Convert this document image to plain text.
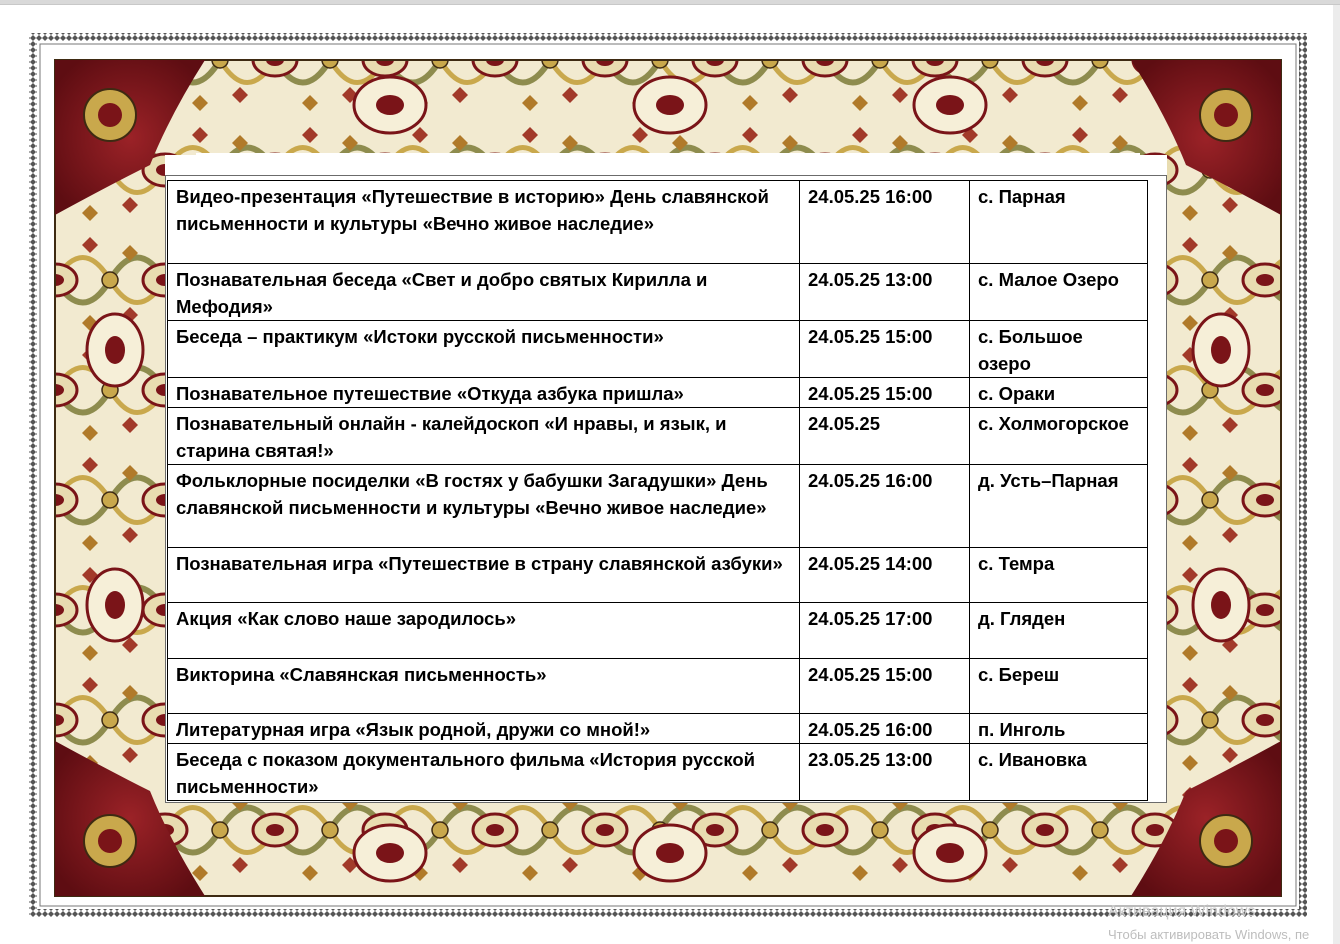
Видео-презентация «Путешествие в историю» День славянской письменности и культуры «Вечно живое наследие»	24.05.25 16:00	с. Парная
Познавательная беседа «Свет и добро святых Кирилла и Мефодия»	24.05.25 13:00	с. Малое Озеро
Беседа – практикум «Истоки русской письменности»	24.05.25 15:00	с. Большое озеро
Познавательное путешествие «Откуда азбука пришла»	24.05.25 15:00	с. Ораки
Познавательный онлайн - калейдоскоп «И нравы, и язык, и старина святая!»	24.05.25	с. Холмогорское
Фольклорные посиделки «В гостях у бабушки Загадушки» День славянской письменности и культуры «Вечно живое наследие»	24.05.25 16:00	д. Усть–Парная
Познавательная игра «Путешествие в страну славянской азбуки»	24.05.25 14:00	с. Темра
Акция «Как слово наше зародилось»	24.05.25 17:00	д. Гляден
Викторина «Славянская письменность»	24.05.25 15:00	с. Береш
Литературная игра «Язык родной, дружи со мной!»	24.05.25 16:00	п. Инголь
Беседа с показом документального фильма «История русской письменности»	23.05.25 13:00	с. Ивановка
Активация Windows
Чтобы активировать Windows, пе
